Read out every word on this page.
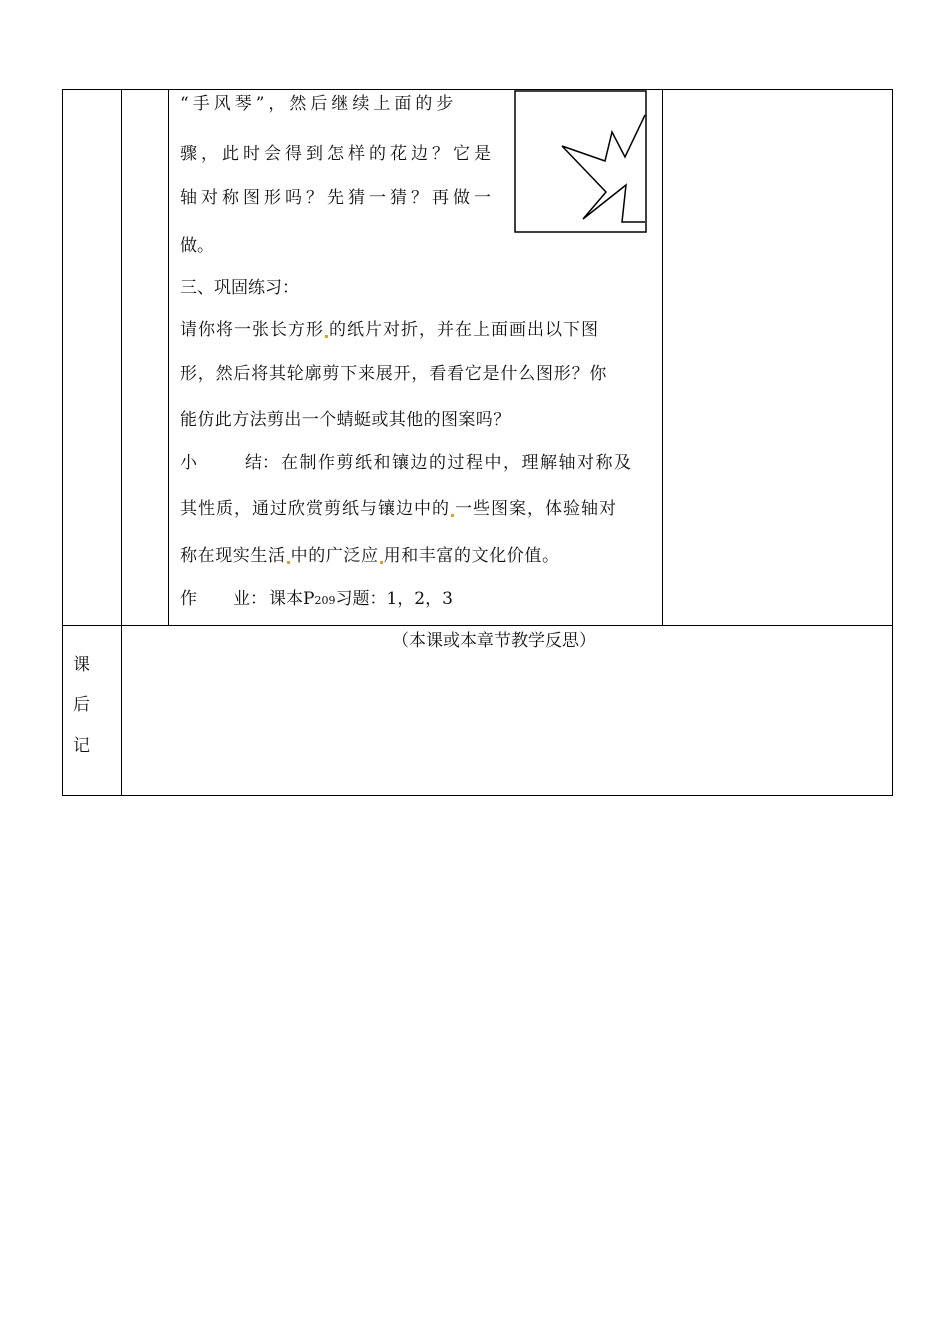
“手风琴”，然后继续上面的步
骤，此时会得到怎样的花边？它是
轴对称图形吗？先猜一猜？再做一
做。
三、巩固练习：
请你将一张长方形 的纸片对折，并在上面画出以下图
形，然后将其轮廓剪下来展开，看看它是什么图形？你
能仿此方法剪出一个蜻蜓或其他的图案吗？
小	结： 在制作剪纸和镶边的过程中，理解轴对称及
其性质，通过欣赏剪纸与镶边中的 一些图案，体验轴对
称在现实生活 中的广泛应 用和丰富的文化价值。
作 业： 课本P209习题：1，2，3
课
后
记
（本课或本章节教学反思）
